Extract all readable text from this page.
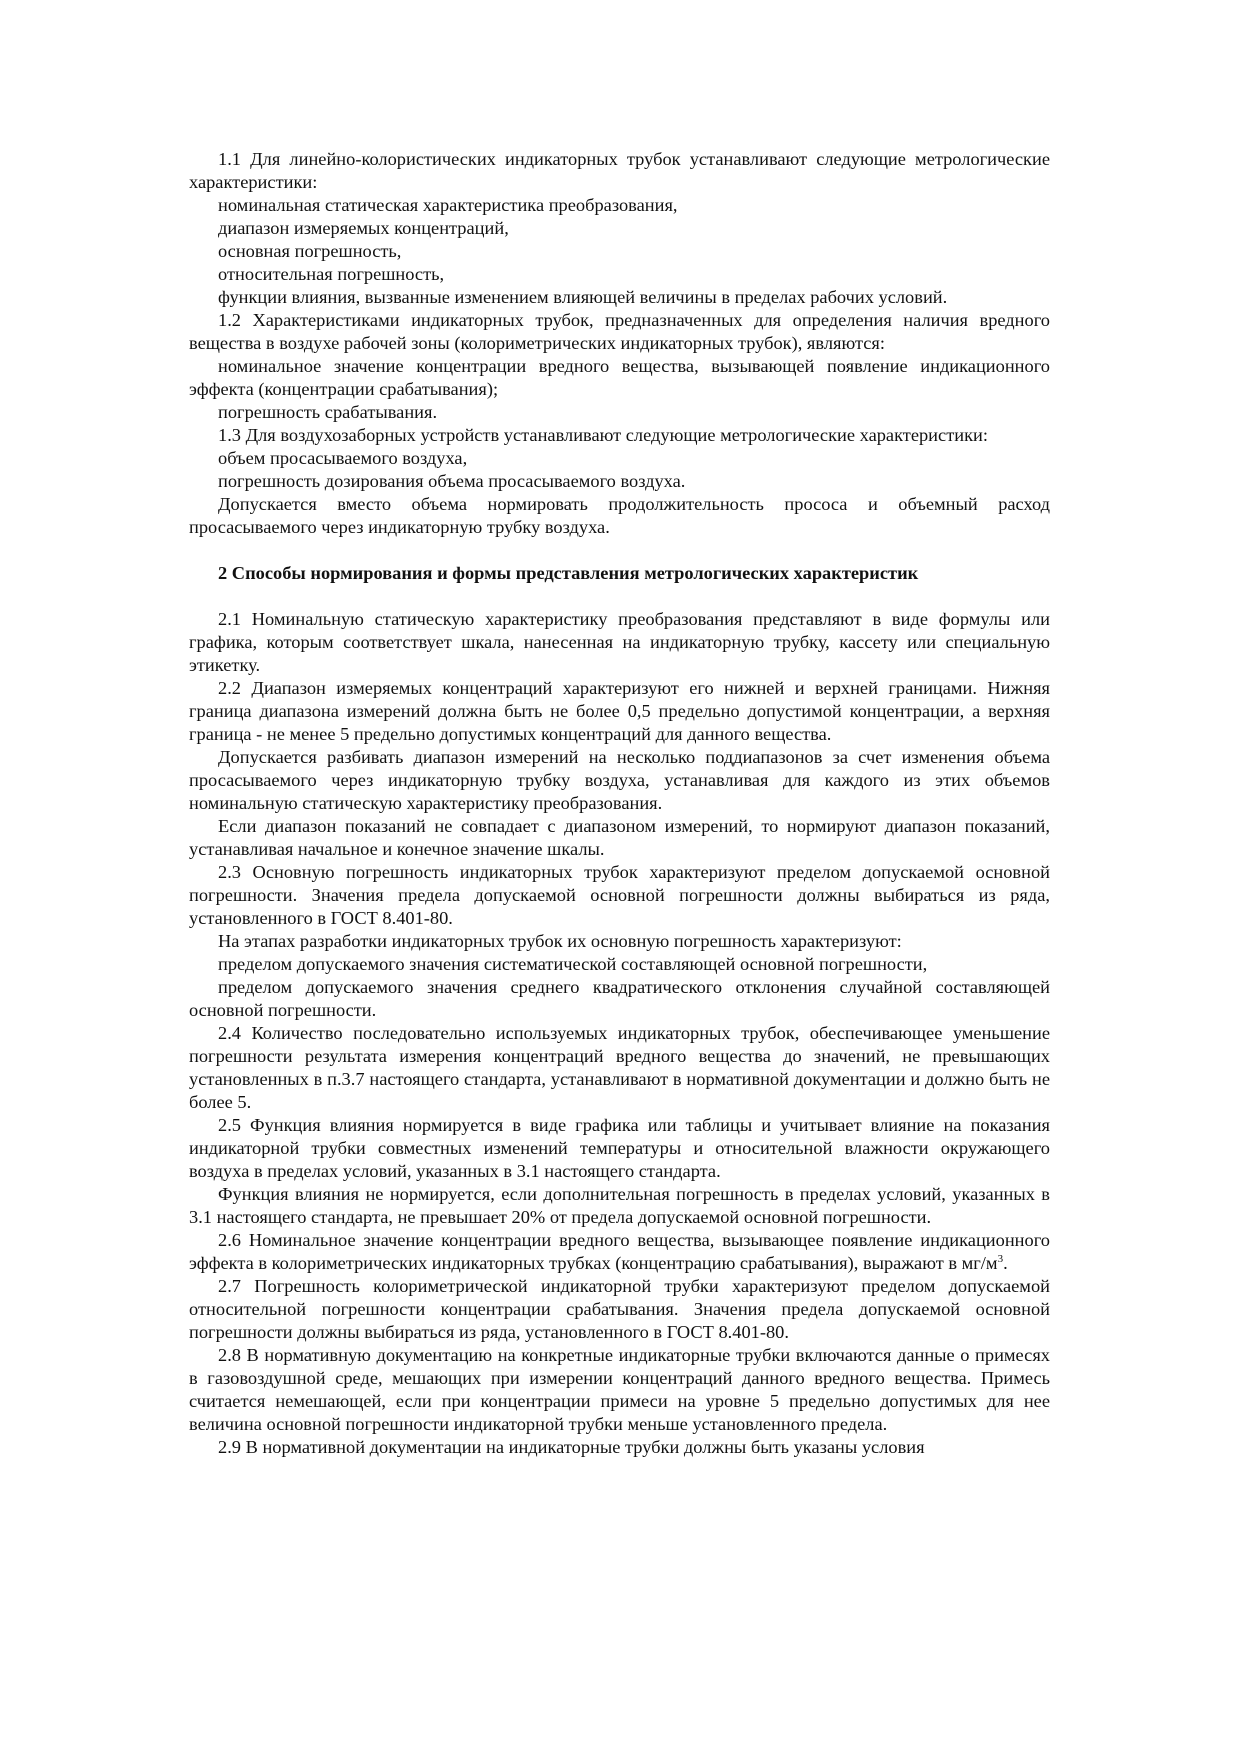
1.1 Для линейно-колористических индикаторных трубок устанавливают следующие метрологические характеристики:

номинальная статическая характеристика преобразования,

диапазон измеряемых концентраций,

основная погрешность,

относительная погрешность,

функции влияния, вызванные изменением влияющей величины в пределах рабочих условий.

1.2 Характеристиками индикаторных трубок, предназначенных для определения наличия вредного вещества в воздухе рабочей зоны (колориметрических индикаторных трубок), являются:

номинальное значение концентрации вредного вещества, вызывающей появление индикационного эффекта (концентрации срабатывания);

погрешность срабатывания.

1.3 Для воздухозаборных устройств устанавливают следующие метрологические характеристики:

объем просасываемого воздуха,

погрешность дозирования объема просасываемого воздуха.

Допускается вместо объема нормировать продолжительность прососа и объемный расход просасываемого через индикаторную трубку воздуха.

2 Способы нормирования и формы представления метрологических характеристик

2.1 Номинальную статическую характеристику преобразования представляют в виде формулы или графика, которым соответствует шкала, нанесенная на индикаторную трубку, кассету или специальную этикетку.

2.2 Диапазон измеряемых концентраций характеризуют его нижней и верхней границами. Нижняя граница диапазона измерений должна быть не более 0,5 предельно допустимой концентрации, а верхняя граница - не менее 5 предельно допустимых концентраций для данного вещества.

Допускается разбивать диапазон измерений на несколько поддиапазонов за счет изменения объема просасываемого через индикаторную трубку воздуха, устанавливая для каждого из этих объемов номинальную статическую характеристику преобразования.

Если диапазон показаний не совпадает с диапазоном измерений, то нормируют диапазон показаний, устанавливая начальное и конечное значение шкалы.

2.3 Основную погрешность индикаторных трубок характеризуют пределом допускаемой основной погрешности. Значения предела допускаемой основной погрешности должны выбираться из ряда, установленного в ГОСТ 8.401-80.

На этапах разработки индикаторных трубок их основную погрешность характеризуют:

пределом допускаемого значения систематической составляющей основной погрешности,

пределом допускаемого значения среднего квадратического отклонения случайной составляющей основной погрешности.

2.4 Количество последовательно используемых индикаторных трубок, обеспечивающее уменьшение погрешности результата измерения концентраций вредного вещества до значений, не превышающих установленных в п.3.7 настоящего стандарта, устанавливают в нормативной документации и должно быть не более 5.

2.5 Функция влияния нормируется в виде графика или таблицы и учитывает влияние на показания индикаторной трубки совместных изменений температуры и относительной влажности окружающего воздуха в пределах условий, указанных в 3.1 настоящего стандарта.

Функция влияния не нормируется, если дополнительная погрешность в пределах условий, указанных в 3.1 настоящего стандарта, не превышает 20% от предела допускаемой основной погрешности.

2.6 Номинальное значение концентрации вредного вещества, вызывающее появление индикационного эффекта в колориметрических индикаторных трубках (концентрацию срабатывания), выражают в $мг/м^3$.

2.7 Погрешность колориметрической индикаторной трубки характеризуют пределом допускаемой относительной погрешности концентрации срабатывания. Значения предела допускаемой основной погрешности должны выбираться из ряда, установленного в ГОСТ 8.401-80.

2.8 В нормативную документацию на конкретные индикаторные трубки включаются данные о примесях в газовоздушной среде, мешающих при измерении концентраций данного вредного вещества. Примесь считается немешающей, если при концентрации примеси на уровне 5 предельно допустимых для нее величина основной погрешности индикаторной трубки меньше установленного предела.

2.9 В нормативной документации на индикаторные трубки должны быть указаны условия
